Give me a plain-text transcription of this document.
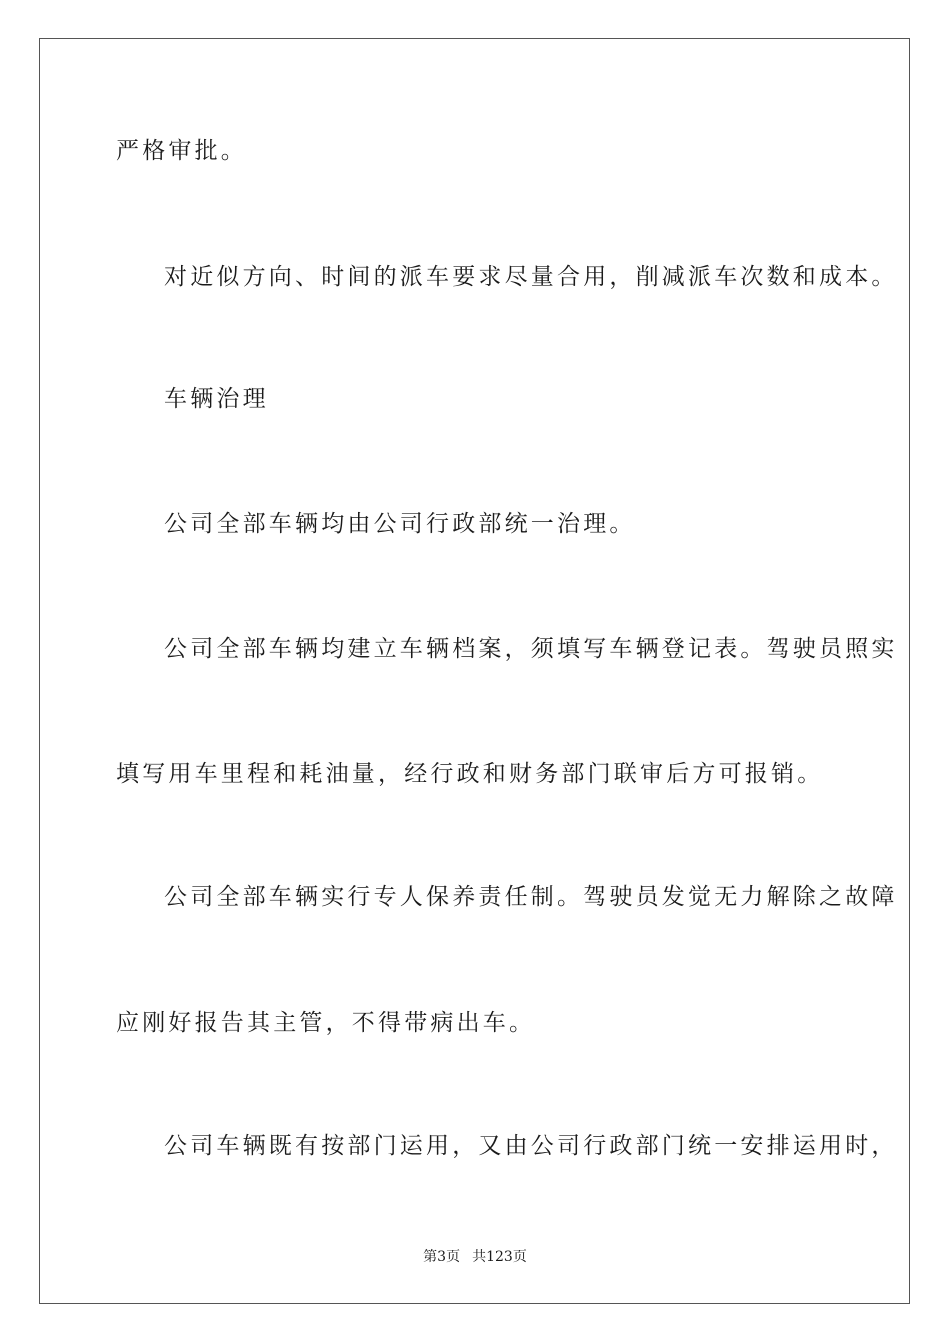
严格审批。

对近似方向、时间的派车要求尽量合用，削减派车次数和成本。

车辆治理

公司全部车辆均由公司行政部统一治理。

公司全部车辆均建立车辆档案，须填写车辆登记表。驾驶员照实

填写用车里程和耗油量，经行政和财务部门联审后方可报销。

公司全部车辆实行专人保养责任制。驾驶员发觉无力解除之故障

应刚好报告其主管，不得带病出车。

公司车辆既有按部门运用，又由公司行政部门统一安排运用时，

第3页 共123页
